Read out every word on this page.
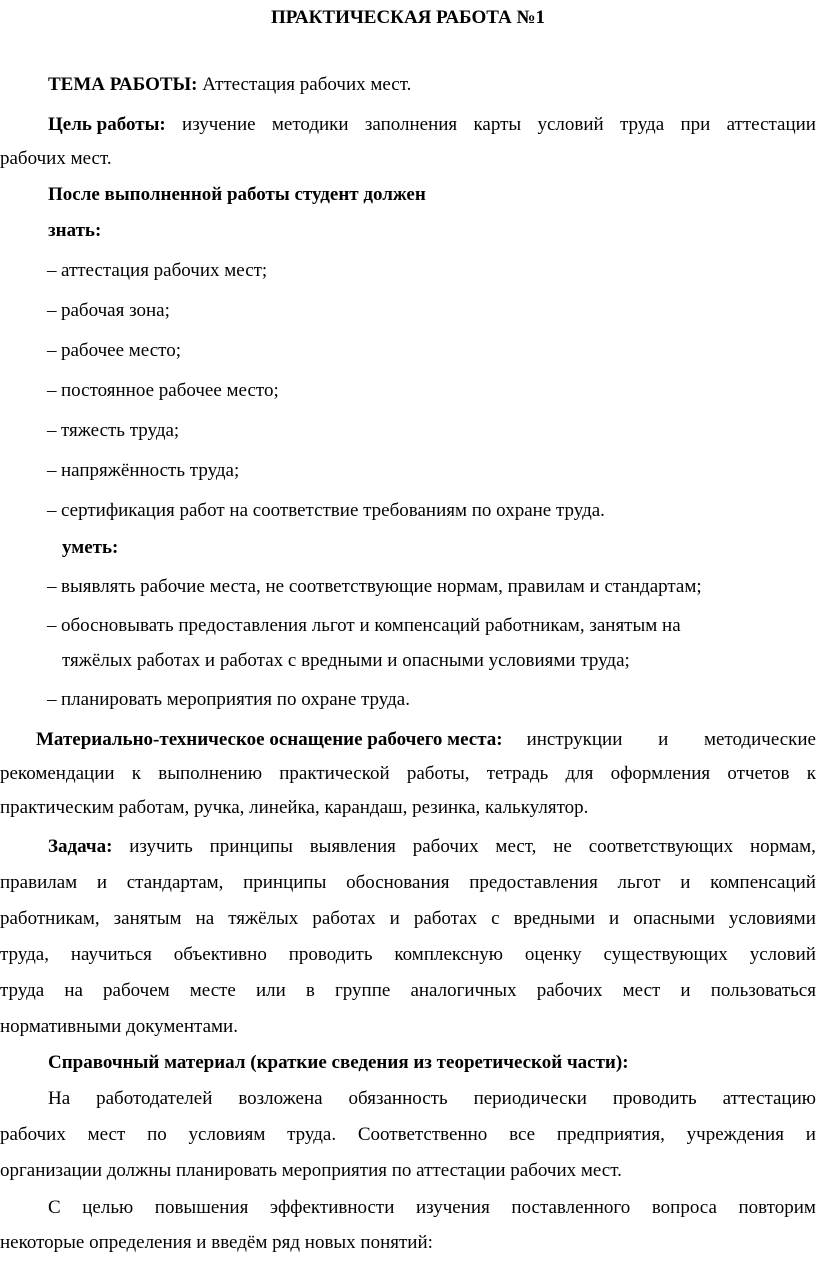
ПРАКТИЧЕСКАЯ РАБОТА №1
ТЕМА РАБОТЫ: Аттестация рабочих мест.
Цель работы: изучение методики заполнения карты условий труда при аттестации
рабочих мест.
После выполненной работы студент должен
знать:
– аттестация рабочих мест;
– рабочая зона;
– рабочее место;
– постоянное рабочее место;
– тяжесть труда;
– напряжённость труда;
– сертификация работ на соответствие требованиям по охране труда.
уметь:
– выявлять рабочие места, не соответствующие нормам, правилам и стандартам;
– обосновывать предоставления льгот и компенсаций работникам, занятым на
тяжёлых работах и работах с вредными и опасными условиями труда;
– планировать мероприятия по охране труда.
Материально-техническое оснащение рабочего места: инструкции и методические
рекомендации к выполнению практической работы, тетрадь для оформления отчетов к
практическим работам, ручка, линейка, карандаш, резинка, калькулятор.
Задача: изучить принципы выявления рабочих мест, не соответствующих нормам,
правилам и стандартам, принципы обоснования предоставления льгот и компенсаций
работникам, занятым на тяжёлых работах и работах с вредными и опасными условиями
труда, научиться объективно проводить комплексную оценку существующих условий
труда на рабочем месте или в группе аналогичных рабочих мест и пользоваться
нормативными документами.
Справочный материал (краткие сведения из теоретической части):
На работодателей возложена обязанность периодически проводить аттестацию
рабочих мест по условиям труда. Соответственно все предприятия, учреждения и
организации должны планировать мероприятия по аттестации рабочих мест.
С целью повышения эффективности изучения поставленного вопроса повторим
некоторые определения и введём ряд новых понятий:
